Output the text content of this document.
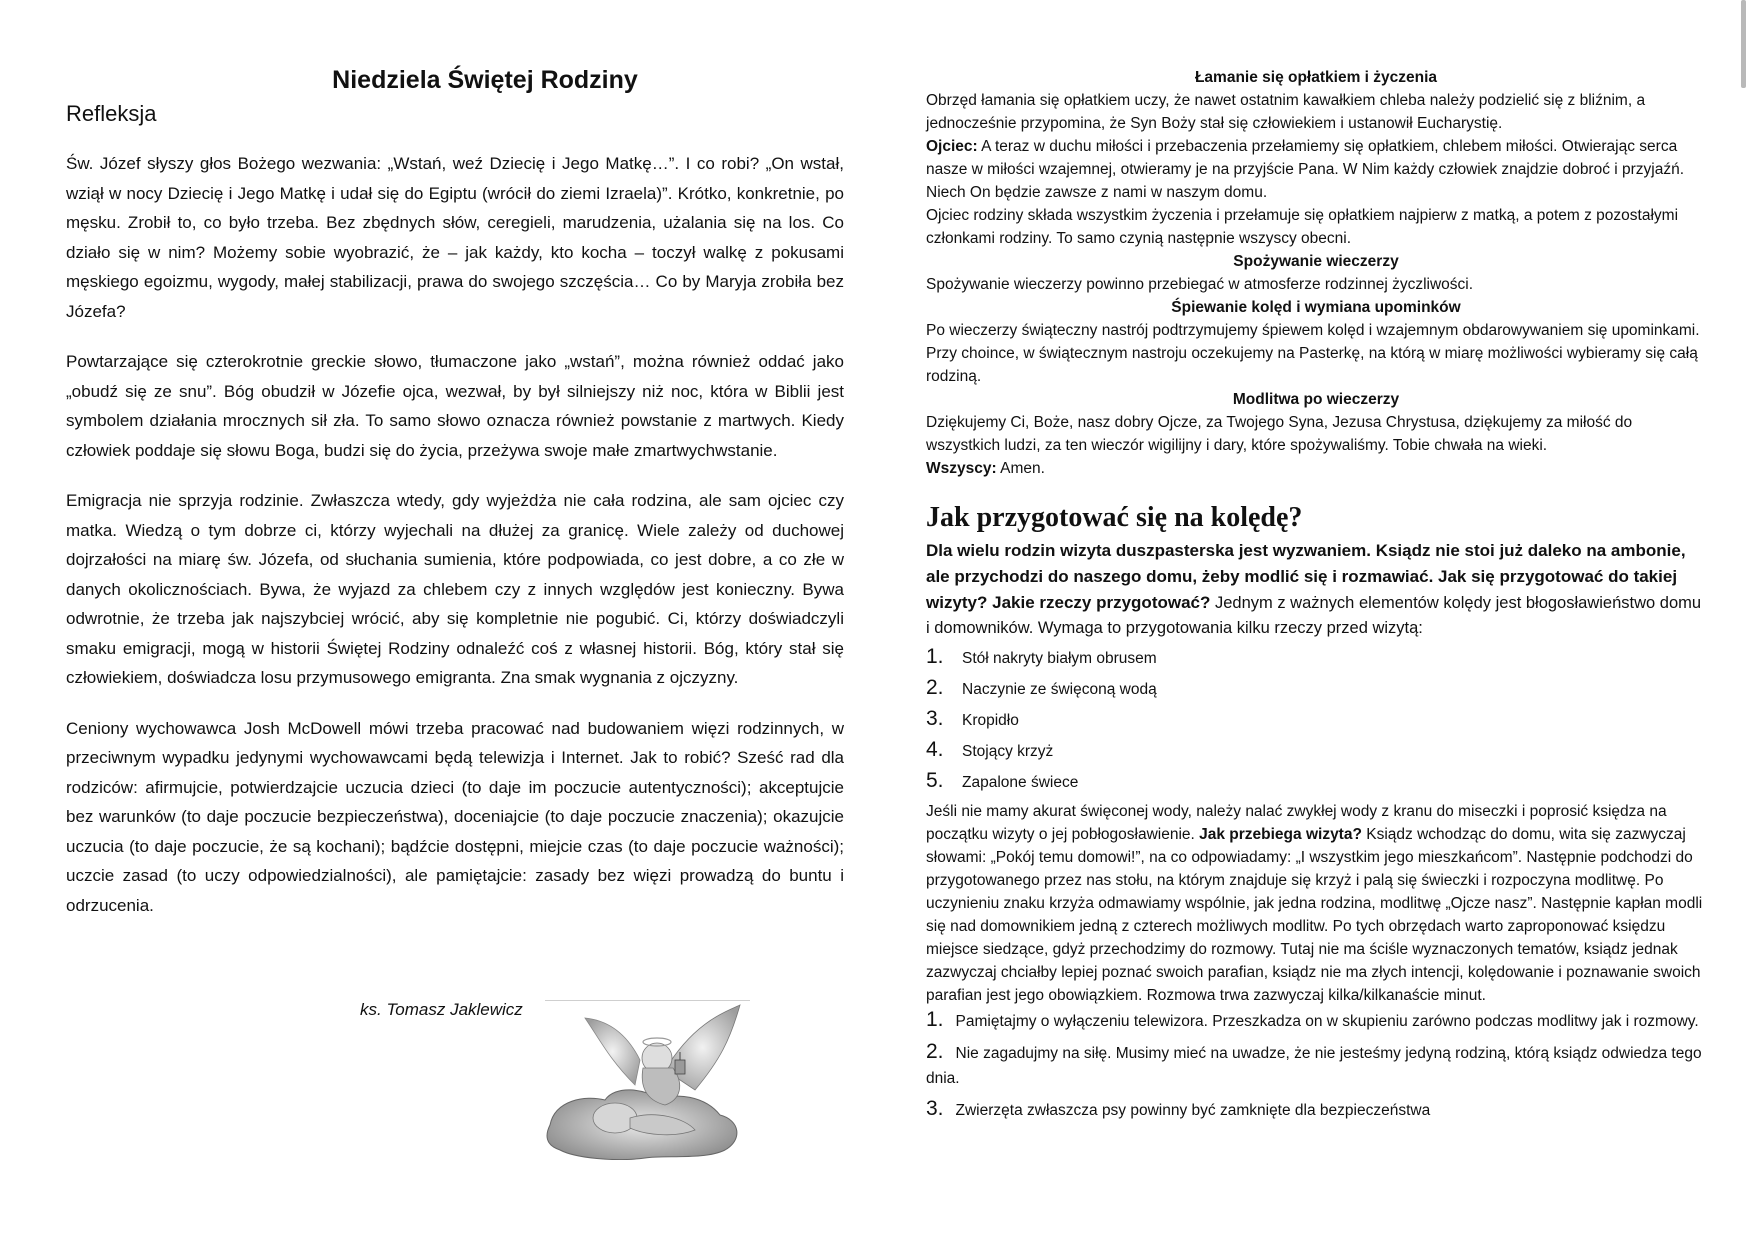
Niedziela Świętej Rodziny
Refleksja

Św. Józef słyszy głos Bożego wezwania: „Wstań, weź Dziecię i Jego Matkę…”. I co robi? „On wstał, wziął w nocy Dziecię i Jego Matkę i udał się do Egiptu (wrócił do ziemi Izraela)”. Krótko, konkretnie, po męsku. Zrobił to, co było trzeba. Bez zbędnych słów, ceregieli, marudzenia, użalania się na los. Co działo się w nim? Możemy sobie wyobrazić, że – jak każdy, kto kocha – toczył walkę z pokusami męskiego egoizmu, wygody, małej stabilizacji, prawa do swojego szczęścia… Co by Maryja zrobiła bez Józefa?

Powtarzające się czterokrotnie greckie słowo, tłumaczone jako „wstań”, można również oddać jako „obudź się ze snu”. Bóg obudził w Józefie ojca, wezwał, by był silniejszy niż noc, która w Biblii jest symbolem działania mrocznych sił zła. To samo słowo oznacza również powstanie z martwych. Kiedy człowiek poddaje się słowu Boga, budzi się do życia, przeżywa swoje małe zmartwychwstanie.

Emigracja nie sprzyja rodzinie. Zwłaszcza wtedy, gdy wyjeżdża nie cała rodzina, ale sam ojciec czy matka. Wiedzą o tym dobrze ci, którzy wyjechali na dłużej za granicę. Wiele zależy od duchowej dojrzałości na miarę św. Józefa, od słuchania sumienia, które podpowiada, co jest dobre, a co złe w danych okolicznościach. Bywa, że wyjazd za chlebem czy z innych względów jest konieczny. Bywa odwrotnie, że trzeba jak najszybciej wrócić, aby się kompletnie nie pogubić. Ci, którzy doświadczyli smaku emigracji, mogą w historii Świętej Rodziny odnaleźć coś z własnej historii. Bóg, który stał się człowiekiem, doświadcza losu przymusowego emigranta. Zna smak wygnania z ojczyzny.

Ceniony wychowawca Josh McDowell mówi trzeba pracować nad budowaniem więzi rodzinnych, w przeciwnym wypadku jedynymi wychowawcami będą telewizja i Internet. Jak to robić? Sześć rad dla rodziców: afirmujcie, potwierdzajcie uczucia dzieci (to daje im poczucie autentyczności); akceptujcie bez warunków (to daje poczucie bezpieczeństwa), doceniajcie (to daje poczucie znaczenia); okazujcie uczucia (to daje poczucie, że są kochani); bądźcie dostępni, miejcie czas (to daje poczucie ważności); uczcie zasad (to uczy odpowiedzialności), ale pamiętajcie: zasady bez więzi prowadzą do buntu i odrzucenia.

ks. Tomasz Jaklewicz
Łamanie się opłatkiem i życzenia
Obrzęd łamania się opłatkiem uczy, że nawet ostatnim kawałkiem chleba należy podzielić się z bliźnim, a jednocześnie przypomina, że Syn Boży stał się człowiekiem i ustanowił Eucharystię.
Ojciec: A teraz w duchu miłości i przebaczenia przełamiemy się opłatkiem, chlebem miłości. Otwierając serca nasze w miłości wzajemnej, otwieramy je na przyjście Pana. W Nim każdy człowiek znajdzie dobroć i przyjaźń. Niech On będzie zawsze z nami w naszym domu.
Ojciec rodziny składa wszystkim życzenia i przełamuje się opłatkiem najpierw z matką, a potem z pozostałymi członkami rodziny. To samo czynią następnie wszyscy obecni.
Spożywanie wieczerzy
Spożywanie wieczerzy powinno przebiegać w atmosferze rodzinnej życzliwości.
Śpiewanie kolęd i wymiana upominków
Po wieczerzy świąteczny nastrój podtrzymujemy śpiewem kolęd i wzajemnym obdarowywaniem się upominkami. Przy choince, w świątecznym nastroju oczekujemy na Pasterkę, na którą w miarę możliwości wybieramy się całą rodziną.
Modlitwa po wieczerzy
Dziękujemy Ci, Boże, nasz dobry Ojcze, za Twojego Syna, Jezusa Chrystusa, dziękujemy za miłość do wszystkich ludzi, za ten wieczór wigilijny i dary, które spożywaliśmy. Tobie chwała na wieki.
Wszyscy: Amen.
Jak przygotować się na kolędę?
Dla wielu rodzin wizyta duszpasterska jest wyzwaniem. Ksiądz nie stoi już daleko na ambonie, ale przychodzi do naszego domu, żeby modlić się i rozmawiać. Jak się przygotować do takiej wizyty? Jakie rzeczy przygotować? Jednym z ważnych elementów kolędy jest błogosławieństwo domu i domowników. Wymaga to przygotowania kilku rzeczy przed wizytą:
1.	Stół nakryty białym obrusem
2.	Naczynie ze święconą wodą
3.	Kropidło
4.	Stojący krzyż
5.	Zapalone świece
Jeśli nie mamy akurat święconej wody, należy nalać zwykłej wody z kranu do miseczki i poprosić księdza na początku wizyty o jej pobłogosławienie. Jak przebiega wizyta? Ksiądz wchodząc do domu, wita się zazwyczaj słowami: „Pokój temu domowi!”, na co odpowiadamy: „I wszystkim jego mieszkańcom”. Następnie podchodzi do przygotowanego przez nas stołu, na którym znajduje się krzyż i palą się świeczki i rozpoczyna modlitwę. Po uczynieniu znaku krzyża odmawiamy wspólnie, jak jedna rodzina, modlitwę „Ojcze nasz”. Następnie kapłan modli się nad domownikiem jedną z czterech możliwych modlitw. Po tych obrzędach warto zaproponować księdzu miejsce siedzące, gdyż przechodzimy do rozmowy. Tutaj nie ma ściśle wyznaczonych tematów, ksiądz jednak zazwyczaj chciałby lepiej poznać swoich parafian, ksiądz nie ma złych intencji, kolędowanie i poznawanie swoich parafian jest jego obowiązkiem. Rozmowa trwa zazwyczaj kilka/kilkanaście minut.
1. Pamiętajmy o wyłączeniu telewizora. Przeszkadza on w skupieniu zarówno podczas modlitwy jak i rozmowy.
2. Nie zagadujmy na siłę. Musimy mieć na uwadze, że nie jesteśmy jedyną rodziną, którą ksiądz odwiedza tego dnia.
3. Zwierzęta zwłaszcza psy powinny być zamknięte dla bezpieczeństwa
